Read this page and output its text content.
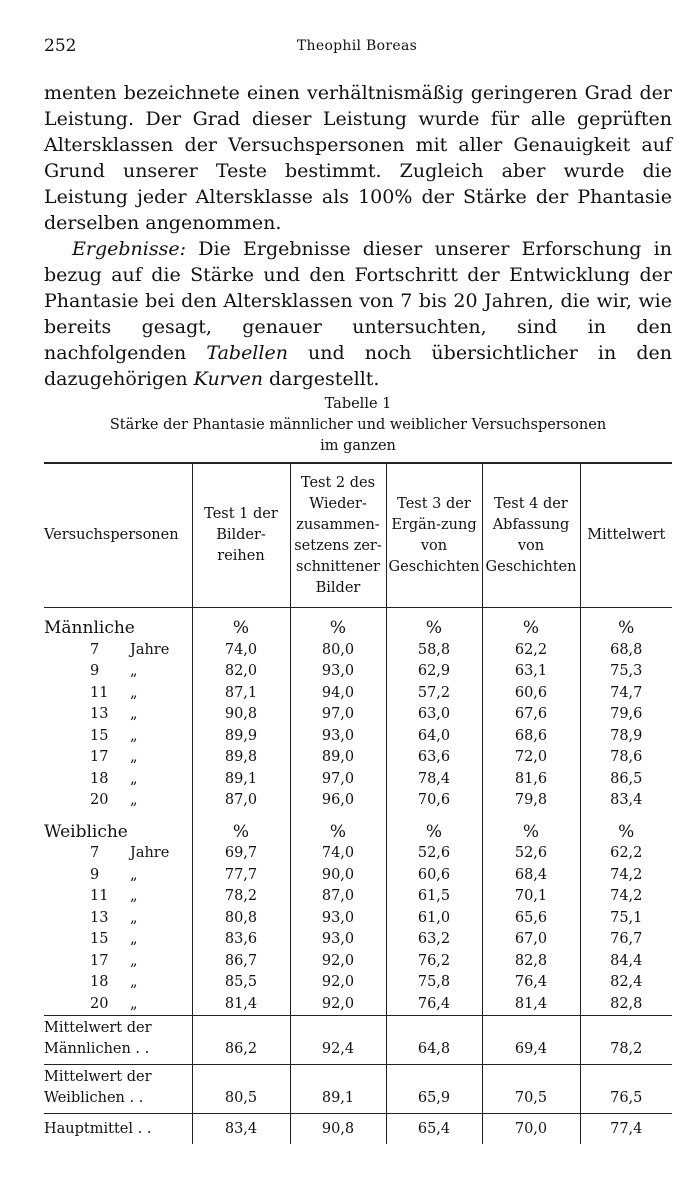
252	Theophil Boreas

menten bezeichnete einen verhältnismäßig geringeren Grad der Leistung. Der Grad dieser Leistung wurde für alle geprüften Altersklassen der Versuchspersonen mit aller Genauigkeit auf Grund unserer Teste bestimmt. Zugleich aber wurde die Leistung jeder Altersklasse als 100% der Stärke der Phantasie derselben angenommen.

Ergebnisse: Die Ergebnisse dieser unserer Erforschung in bezug auf die Stärke und den Fortschritt der Entwicklung der Phantasie bei den Altersklassen von 7 bis 20 Jahren, die wir, wie bereits gesagt, genauer untersuchten, sind in den nachfolgenden Tabellen und noch übersichtlicher in den dazugehörigen Kurven dargestellt.

Tabelle 1
Stärke der Phantasie männlicher und weiblicher Versuchspersonen
im ganzen
Versuchspersonen	Test 1 der Bilder-reihen	Test 2 des Wieder-zusammen-setzens zer-schnittener Bilder	Test 3 der Ergän-zung von Geschichten	Test 4 der Abfassung von Geschichten	Mittelwert
Männliche	%	%	%	%	%
7 Jahre	74,0	80,0	58,8	62,2	68,8
9 „	82,0	93,0	62,9	63,1	75,3
11 „	87,1	94,0	57,2	60,6	74,7
13 „	90,8	97,0	63,0	67,6	79,6
15 „	89,9	93,0	64,0	68,6	78,9
17 „	89,8	89,0	63,6	72,0	78,6
18 „	89,1	97,0	78,4	81,6	86,5
20 „	87,0	96,0	70,6	79,8	83,4
Weibliche	%	%	%	%	%
7 Jahre	69,7	74,0	52,6	52,6	62,2
9 „	77,7	90,0	60,6	68,4	74,2
11 „	78,2	87,0	61,5	70,1	74,2
13 „	80,8	93,0	61,0	65,6	75,1
15 „	83,6	93,0	63,2	67,0	76,7
17 „	86,7	92,0	76,2	82,8	84,4
18 „	85,5	92,0	75,8	76,4	82,4
20 „	81,4	92,0	76,4	81,4	82,8

Mittelwert der
Männlichen . .	86,2	92,4	64,8	69,4	78,2

Mittelwert der
Weiblichen . .	80,5	89,1	65,9	70,5	76,5
Hauptmittel . .	83,4	90,8	65,4	70,0	77,4
